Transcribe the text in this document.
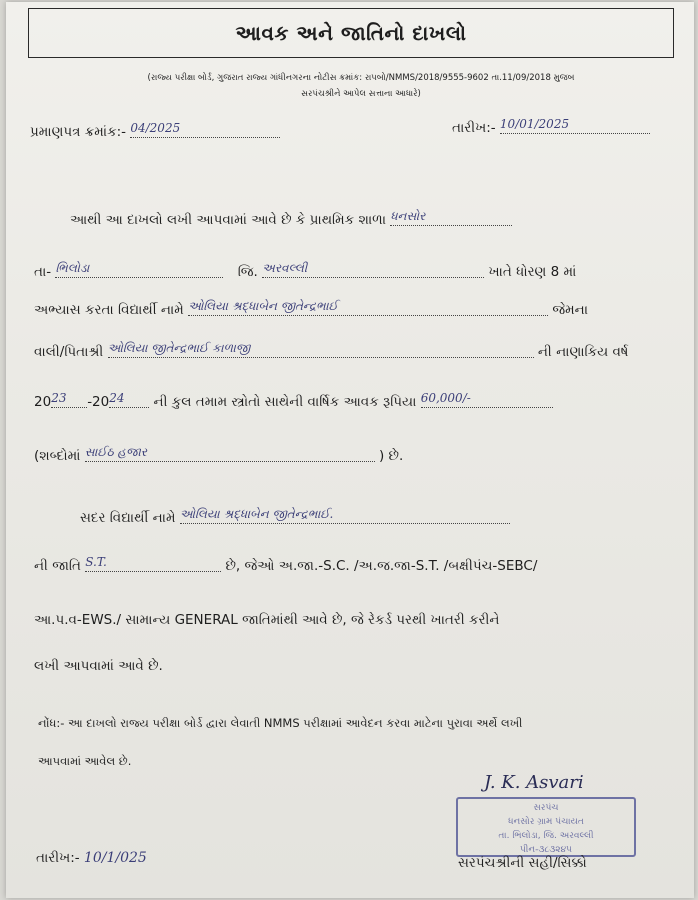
આવક અને જાતિનો દાખલો
(રાજ્ય પરીક્ષા બોર્ડ, ગુજરાત રાજ્ય ગાંધીનગરના નોટીસ ક્રમાંક: રાપબો/NMMS/2018/9555-9602 તા.11/09/2018 મુજબ
સરપંચશ્રીને આપેલ સત્તાના આધારે)
પ્રમાણપત્ર ક્રમાંક:- 04/2025	તારીખ:- 10/01/2025
આથી આ દાખલો લખી આપવામાં આવે છે કે પ્રાથમિક શાળા ધનસોર
તા- ભિલોડા	જિ. અરવલ્લી	ખાતે ધોરણ 8 માં
અભ્યાસ કરતા વિદ્યાર્થી નામે ઓલિયા શ્રદ્ધાબેન જીતેન્દ્રભાઈ	જેમના
વાલી/પિતાશ્રી ઓલિયા જીતેન્દ્રભાઈ કાળાજી	ની નાણાકિય વર્ષ
2023 -2024 ની કુલ તમામ સ્ત્રોતો સાથેની વાર્ષિક આવક રૂપિયા 60,000/-
(શબ્દોમાં સાઈઠ હજાર	) છે.
સદર વિદ્યાર્થી નામે ઓલિયા શ્રદ્ધાબેન જીતેન્દ્રભાઈ.
ની જાતિ S.T.	છે, જેઓ અ.જા.-S.C. /અ.જ.જા-S.T. /બક્ષીપંચ-SEBC/
આ.પ.વ-EWS./ સામાન્ય GENERAL જાતિમાંથી આવે છે, જે રેકર્ડ પરથી ખાતરી કરીને
લખી આપવામાં આવે છે.
નોંધ:- આ દાખલો રાજ્ય પરીક્ષા બોર્ડ દ્વારા લેવાતી NMMS પરીક્ષામાં આવેદન કરવા માટેના પુરાવા અર્થે લખી
આપવામાં આવેલ છે.
J. K. Asvari
સરપંચ
ધનસોર ગ્રામ પંચાયત
તા. ભિલોડા, જિ. અરવલ્લી
પીન-૩૮૩૨૪૫
સરપંચશ્રીની સહી/સિક્કો
તારીખ:- 10/1/025
